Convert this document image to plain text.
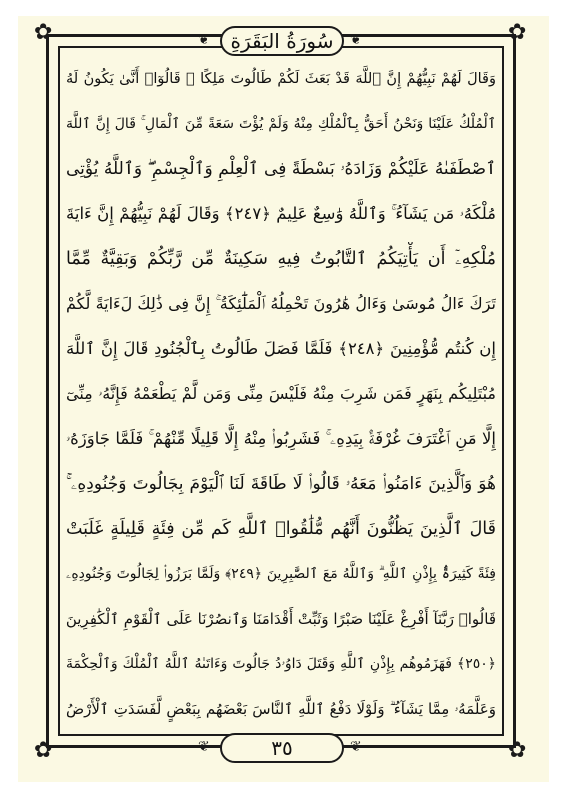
✿	✿
✿	✿
❦	❦
❦	❦
سُورَةُ البَقَرَةِ
وَقَالَ لَهُمْ نَبِيُّهُمْ إِنَّ ٱللَّهَ قَدْ بَعَثَ لَكُمْ طَالُوتَ مَلِكًا ۚ قَالُوٓا۟ أَنَّىٰ يَكُونُ لَهُ
ٱلْمُلْكُ عَلَيْنَا وَنَحْنُ أَحَقُّ بِٱلْمُلْكِ مِنْهُ وَلَمْ يُؤْتَ سَعَةً مِّنَ ٱلْمَالِ ۚ قَالَ إِنَّ ٱللَّهَ
ٱصْطَفَىٰهُ عَلَيْكُمْ وَزَادَهُۥ بَسْطَةً فِى ٱلْعِلْمِ وَٱلْجِسْمِ ۖ وَٱللَّهُ يُؤْتِى
مُلْكَهُۥ مَن يَشَآءُ ۚ وَٱللَّهُ وَٰسِعٌ عَلِيمٌ ﴿٢٤٧﴾ وَقَالَ لَهُمْ نَبِيُّهُمْ إِنَّ ءَايَةَ
مُلْكِهِۦٓ أَن يَأْتِيَكُمُ ٱلتَّابُوتُ فِيهِ سَكِينَةٌ مِّن رَّبِّكُمْ وَبَقِيَّةٌ مِّمَّا
تَرَكَ ءَالُ مُوسَىٰ وَءَالُ هَٰرُونَ تَحْمِلُهُ ٱلْمَلَٰٓئِكَةُ ۚ إِنَّ فِى ذَٰلِكَ لَءَايَةً لَّكُمْ
إِن كُنتُم مُّؤْمِنِينَ ﴿٢٤٨﴾ فَلَمَّا فَصَلَ طَالُوتُ بِٱلْجُنُودِ قَالَ إِنَّ ٱللَّهَ
مُبْتَلِيكُم بِنَهَرٍ فَمَن شَرِبَ مِنْهُ فَلَيْسَ مِنِّى وَمَن لَّمْ يَطْعَمْهُ فَإِنَّهُۥ مِنِّىٓ
إِلَّا مَنِ ٱغْتَرَفَ غُرْفَةًۢ بِيَدِهِۦ ۚ فَشَرِبُوا۟ مِنْهُ إِلَّا قَلِيلًا مِّنْهُمْ ۚ فَلَمَّا جَاوَزَهُۥ
هُوَ وَٱلَّذِينَ ءَامَنُوا۟ مَعَهُۥ قَالُوا۟ لَا طَاقَةَ لَنَا ٱلْيَوْمَ بِجَالُوتَ وَجُنُودِهِۦ ۚ
قَالَ ٱلَّذِينَ يَظُنُّونَ أَنَّهُم مُّلَٰقُوا۟ ٱللَّهِ كَم مِّن فِئَةٍ قَلِيلَةٍ غَلَبَتْ
فِئَةً كَثِيرَةًۢ بِإِذْنِ ٱللَّهِ ۗ وَٱللَّهُ مَعَ ٱلصَّٰبِرِينَ ﴿٢٤٩﴾ وَلَمَّا بَرَزُوا۟ لِجَالُوتَ وَجُنُودِهِۦ
قَالُوا۟ رَبَّنَآ أَفْرِغْ عَلَيْنَا صَبْرًا وَثَبِّتْ أَقْدَامَنَا وَٱنصُرْنَا عَلَى ٱلْقَوْمِ ٱلْكَٰفِرِينَ
﴿٢٥٠﴾ فَهَزَمُوهُم بِإِذْنِ ٱللَّهِ وَقَتَلَ دَاوُۥدُ جَالُوتَ وَءَاتَىٰهُ ٱللَّهُ ٱلْمُلْكَ وَٱلْحِكْمَةَ
وَعَلَّمَهُۥ مِمَّا يَشَآءُ ۗ وَلَوْلَا دَفْعُ ٱللَّهِ ٱلنَّاسَ بَعْضَهُم بِبَعْضٍ لَّفَسَدَتِ ٱلْأَرْضُ
٣٥
